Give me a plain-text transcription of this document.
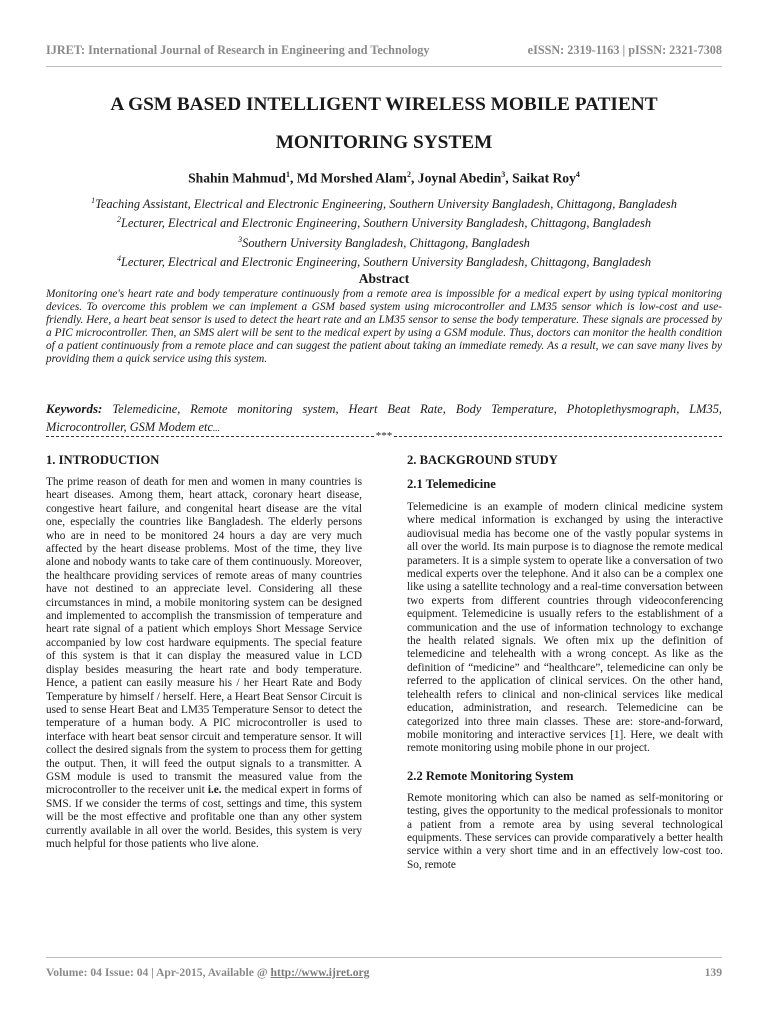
IJRET: International Journal of Research in Engineering and Technology	eISSN: 2319-1163 | pISSN: 2321-7308
A GSM BASED INTELLIGENT WIRELESS MOBILE PATIENT
MONITORING SYSTEM
Shahin Mahmud$^1$, Md Morshed Alam$^2$, Joynal Abedin$^3$, Saikat Roy$^4$
$^1$Teaching Assistant, Electrical and Electronic Engineering, Southern University Bangladesh, Chittagong, Bangladesh
$^2$Lecturer, Electrical and Electronic Engineering, Southern University Bangladesh, Chittagong, Bangladesh
$^3$Southern University Bangladesh, Chittagong, Bangladesh
$^4$Lecturer, Electrical and Electronic Engineering, Southern University Bangladesh, Chittagong, Bangladesh
Abstract

Monitoring one's heart rate and body temperature continuously from a remote area is impossible for a medical expert by using typical monitoring devices. To overcome this problem we can implement a GSM based system using microcontroller and LM35 sensor which is low-cost and use-friendly. Here, a heart beat sensor is used to detect the heart rate and an LM35 sensor to sense the body temperature. These signals are processed by a PIC microcontroller. Then, an SMS alert will be sent to the medical expert by using a GSM module. Thus, doctors can monitor the health condition of a patient continuously from a remote place and can suggest the patient about taking an immediate remedy. As a result, we can save many lives by providing them a quick service using this system.

Keywords: Telemedicine, Remote monitoring system, Heart Beat Rate, Body Temperature, Photoplethysmograph, LM35, Microcontroller, GSM Modem etc...

***
1. INTRODUCTION

The prime reason of death for men and women in many countries is heart diseases. Among them, heart attack, coronary heart disease, congestive heart failure, and congenital heart disease are the vital one, especially the countries like Bangladesh. The elderly persons who are in need to be monitored 24 hours a day are very much affected by the heart disease problems. Most of the time, they live alone and nobody wants to take care of them continuously. Moreover, the healthcare providing services of remote areas of many countries have not destined to an appreciate level. Considering all these circumstances in mind, a mobile monitoring system can be designed and implemented to accomplish the transmission of temperature and heart rate signal of a patient which employs Short Message Service accompanied by low cost hardware equipments. The special feature of this system is that it can display the measured value in LCD display besides measuring the heart rate and body temperature. Hence, a patient can easily measure his / her Heart Rate and Body Temperature by himself / herself. Here, a Heart Beat Sensor Circuit is used to sense Heart Beat and LM35 Temperature Sensor to detect the temperature of a human body. A PIC microcontroller is used to interface with heart beat sensor circuit and temperature sensor. It will collect the desired signals from the system to process them for getting the output. Then, it will feed the output signals to a transmitter. A GSM module is used to transmit the measured value from the microcontroller to the receiver unit i.e. the medical expert in forms of SMS. If we consider the terms of cost, settings and time, this system will be the most effective and profitable one than any other system currently available in all over the world. Besides, this system is very much helpful for those patients who live alone.

2. BACKGROUND STUDY
2.1 Telemedicine

Telemedicine is an example of modern clinical medicine system where medical information is exchanged by using the interactive audiovisual media has become one of the vastly popular systems in all over the world. Its main purpose is to diagnose the remote medical parameters. It is a simple system to operate like a conversation of two medical experts over the telephone. And it also can be a complex one like using a satellite technology and a real-time conversation between two experts from different countries through videoconferencing equipment. Telemedicine is usually refers to the establishment of a communication and the use of information technology to exchange the health related signals. We often mix up the definition of telemedicine and telehealth with a wrong concept. As like as the definition of “medicine” and “healthcare”, telemedicine can only be referred to the application of clinical services. On the other hand, telehealth refers to clinical and non-clinical services like medical education, administration, and research. Telemedicine can be categorized into three main classes. These are: store-and-forward, mobile monitoring and interactive services [1]. Here, we dealt with remote monitoring using mobile phone in our project.

2.2 Remote Monitoring System

Remote monitoring which can also be named as self-monitoring or testing, gives the opportunity to the medical professionals to monitor a patient from a remote area by using several technological equipments. These services can provide comparatively a better health service within a very short time and in an effectively low-cost too. So, remote

Volume: 04 Issue: 04 | Apr-2015, Available @ http://www.ijret.org	139
